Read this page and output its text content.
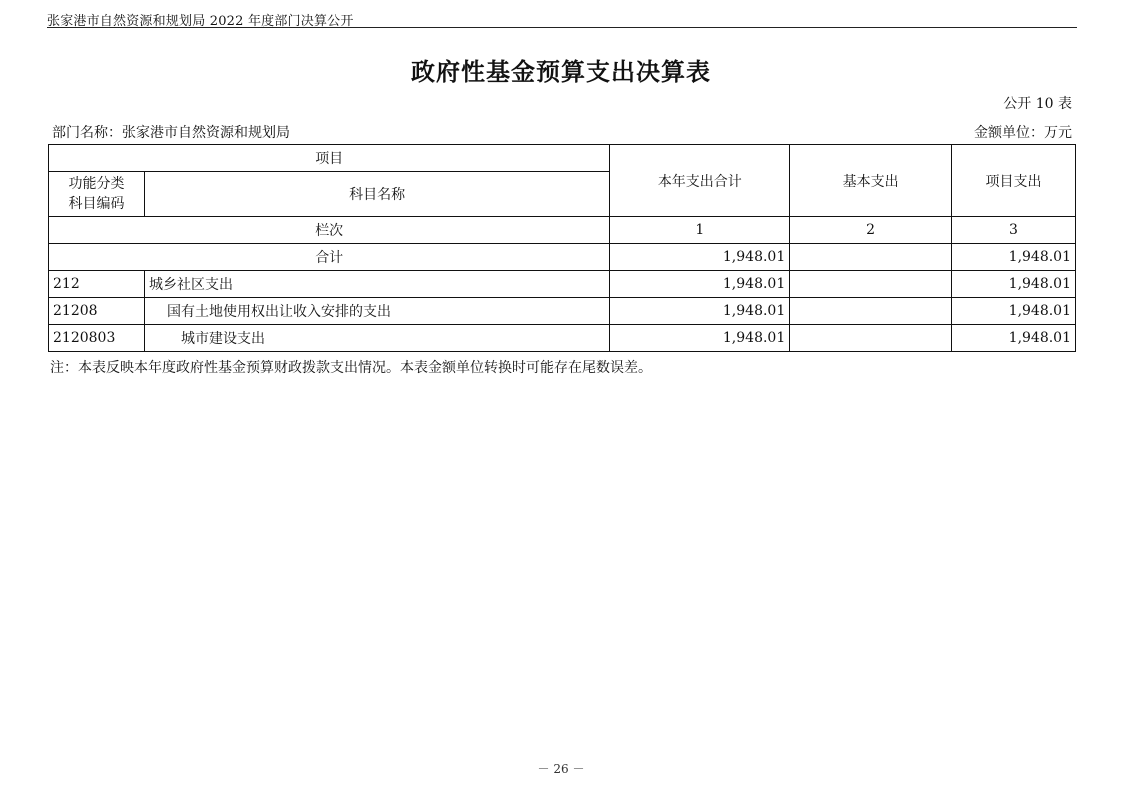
张家港市自然资源和规划局 2022 年度部门决算公开
政府性基金预算支出决算表
公开 10 表
部门名称：张家港市自然资源和规划局	金额单位：万元
项目		本年支出合计	基本支出	项目支出

功能分类
科目编码	科目名称			
栏次		1	2	3
合计		1,948.01		1,948.01
212	城乡社区支出	1,948.01		1,948.01
21208	国有土地使用权出让收入安排的支出	1,948.01		1,948.01
2120803	城市建设支出	1,948.01		1,948.01
注：本表反映本年度政府性基金预算财政拨款支出情况。本表金额单位转换时可能存在尾数误差。
－ 26 －
